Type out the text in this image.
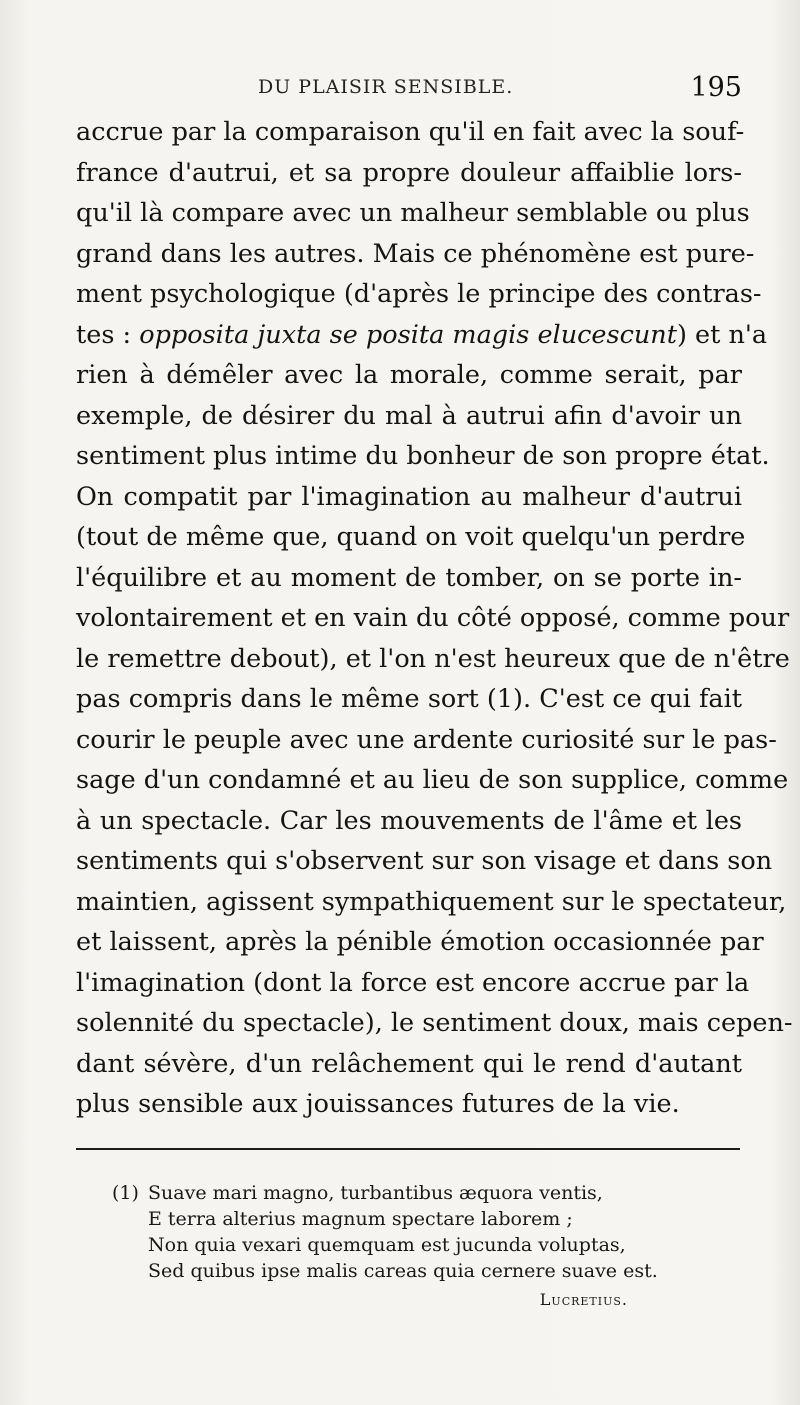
DU PLAISIR SENSIBLE.	195
accrue par la comparaison qu'il en fait avec la souf-
france d'autrui, et sa propre douleur affaiblie lors-
qu'il là compare avec un malheur semblable ou plus
grand dans les autres. Mais ce phénomène est pure-
ment psychologique (d'après le principe des contras-
tes : opposita juxta se posita magis elucescunt) et n'a
rien à démêler avec la morale, comme serait, par
exemple, de désirer du mal à autrui afin d'avoir un
sentiment plus intime du bonheur de son propre état.
On compatit par l'imagination au malheur d'autrui
(tout de même que, quand on voit quelqu'un perdre
l'équilibre et au moment de tomber, on se porte in-
volontairement et en vain du côté opposé, comme pour
le remettre debout), et l'on n'est heureux que de n'être
pas compris dans le même sort (1). C'est ce qui fait
courir le peuple avec une ardente curiosité sur le pas-
sage d'un condamné et au lieu de son supplice, comme
à un spectacle. Car les mouvements de l'âme et les
sentiments qui s'observent sur son visage et dans son
maintien, agissent sympathiquement sur le spectateur,
et laissent, après la pénible émotion occasionnée par
l'imagination (dont la force est encore accrue par la
solennité du spectacle), le sentiment doux, mais cepen-
dant sévère, d'un relâchement qui le rend d'autant
plus sensible aux jouissances futures de la vie.
(1) Suave mari magno, turbantibus æquora ventis,
E terra alterius magnum spectare laborem ;
Non quia vexari quemquam est jucunda voluptas,
Sed quibus ipse malis careas quia cernere suave est.
Lucretius.
